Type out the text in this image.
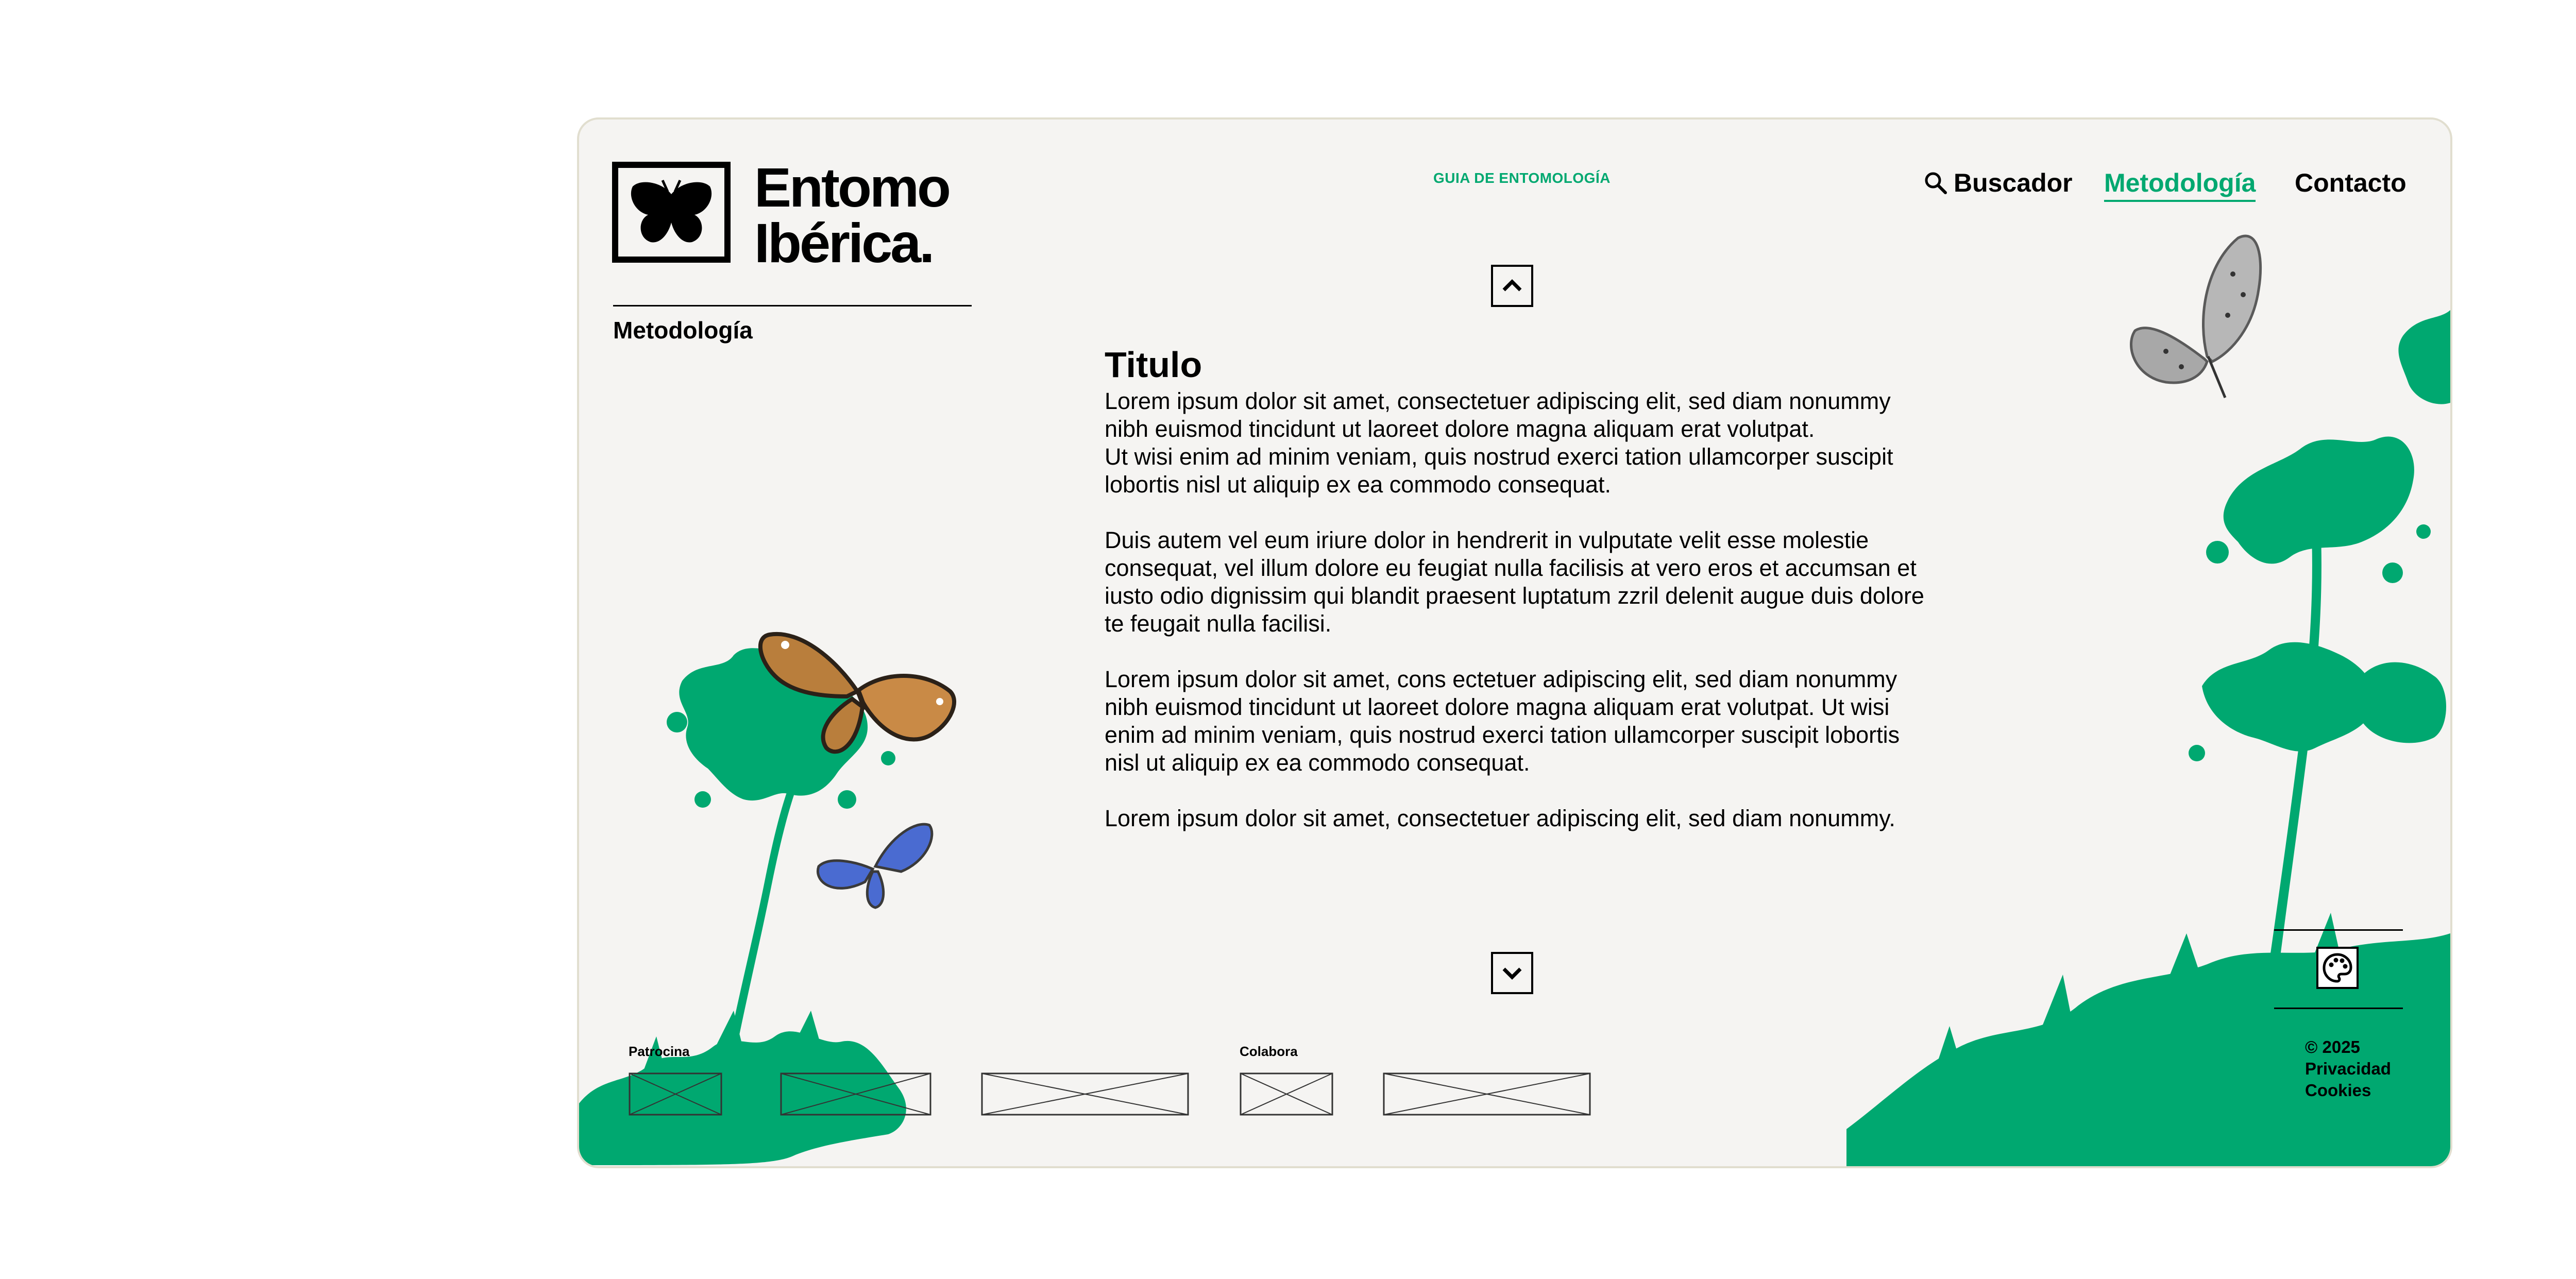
Entomo
Ibérica.
Metodología
GUIA DE ENTOMOLOGÍA	Buscador Metodología Contacto
Titulo

Lorem ipsum dolor sit amet, consectetuer adipiscing elit, sed diam nonummy nibh euismod tincidunt ut laoreet dolore magna aliquam erat volutpat.
Ut wisi enim ad minim veniam, quis nostrud exerci tation ullamcorper suscipit lobortis nisl ut aliquip ex ea commodo consequat.

Duis autem vel eum iriure dolor in hendrerit in vulputate velit esse molestie consequat, vel illum dolore eu feugiat nulla facilisis at vero eros et accumsan et iusto odio dignissim qui blandit praesent luptatum zzril delenit augue duis dolore te feugait nulla facilisi.

Lorem ipsum dolor sit amet, cons ectetuer adipiscing elit, sed diam nonummy nibh euismod tincidunt ut laoreet dolore magna aliquam erat volutpat. Ut wisi enim ad minim veniam, quis nostrud exerci tation ullamcorper suscipit lobortis nisl ut aliquip ex ea commodo consequat.

Lorem ipsum dolor sit amet, consectetuer adipiscing elit, sed diam nonummy.

Patrocina	Colabora	© 2025
Privacidad
Cookies
